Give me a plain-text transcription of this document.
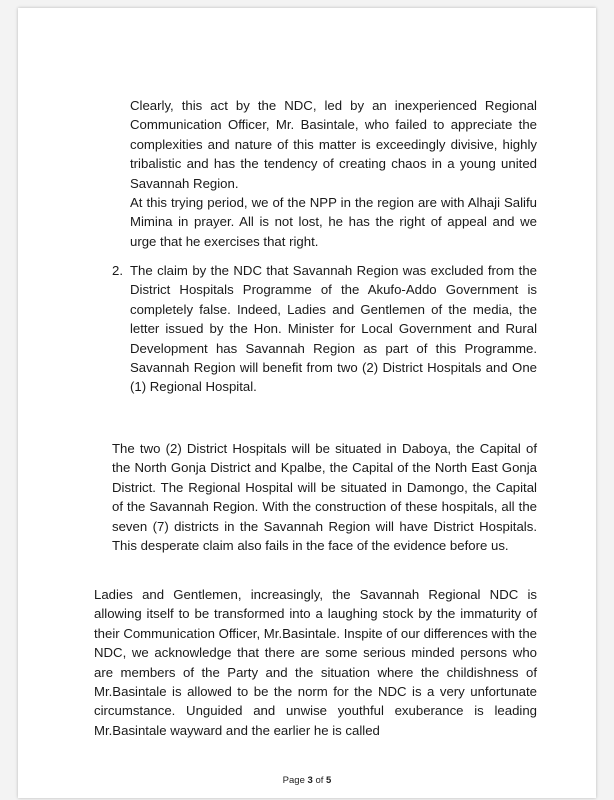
Clearly, this act by the NDC, led by an inexperienced Regional Communication Officer, Mr. Basintale, who failed to appreciate the complexities and nature of this matter is exceedingly divisive, highly tribalistic and has the tendency of creating chaos in a young united Savannah Region.

At this trying period, we of the NPP in the region are with Alhaji Salifu Mimina in prayer. All is not lost, he has the right of appeal and we urge that he exercises that right.

2. The claim by the NDC that Savannah Region was excluded from the District Hospitals Programme of the Akufo-Addo Government is completely false. Indeed, Ladies and Gentlemen of the media, the letter issued by the Hon. Minister for Local Government and Rural Development has Savannah Region as part of this Programme. Savannah Region will benefit from two (2) District Hospitals and One (1) Regional Hospital.

The two (2) District Hospitals will be situated in Daboya, the Capital of the North Gonja District and Kpalbe, the Capital of the North East Gonja District. The Regional Hospital will be situated in Damongo, the Capital of the Savannah Region. With the construction of these hospitals, all the seven (7) districts in the Savannah Region will have District Hospitals. This desperate claim also fails in the face of the evidence before us.

Ladies and Gentlemen, increasingly, the Savannah Regional NDC is allowing itself to be transformed into a laughing stock by the immaturity of their Communication Officer, Mr.Basintale. Inspite of our differences with the NDC, we acknowledge that there are some serious minded persons who are members of the Party and the situation where the childishness of Mr.Basintale is allowed to be the norm for the NDC is a very unfortunate circumstance. Unguided and unwise youthful exuberance is leading Mr.Basintale wayward and the earlier he is called

Page 3 of 5
